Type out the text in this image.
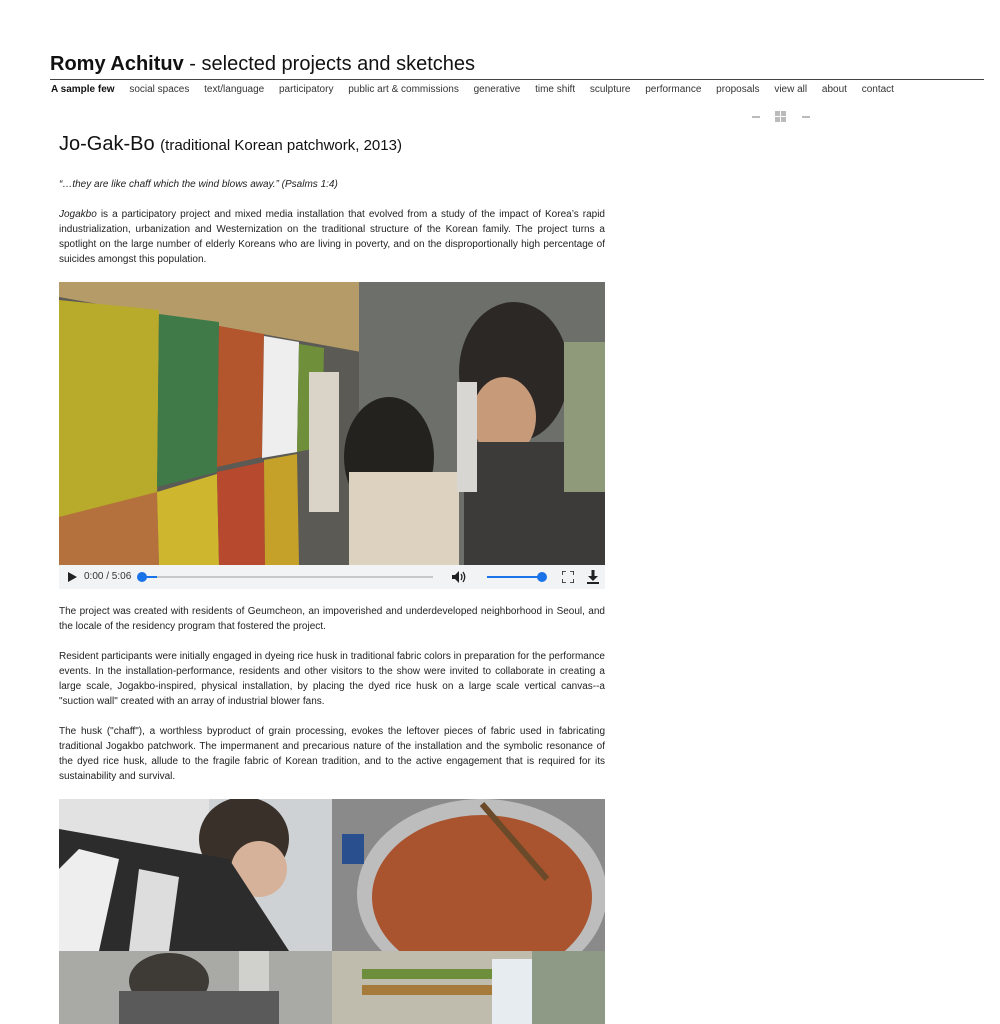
Romy Achituv - selected projects and sketches
A sample few social spaces text/language participatory public art & commissions generative time shift sculpture performance proposals view all about contact
Jo-Gak-Bo (traditional Korean patchwork, 2013)

“…they are like chaff which the wind blows away.” (Psalms 1:4)

Jogakbo is a participatory project and mixed media installation that evolved from a study of the impact of Korea’s rapid industrialization, urbanization and Westernization on the traditional structure of the Korean family. The project turns a spotlight on the large number of elderly Koreans who are living in poverty, and on the disproportionally high percentage of suicides amongst this population.

0:00 / 5:06

The project was created with residents of Geumcheon, an impoverished and underdeveloped neighborhood in Seoul, and the locale of the residency program that fostered the project.

Resident participants were initially engaged in dyeing rice husk in traditional fabric colors in preparation for the performance events. In the installation-performance, residents and other visitors to the show were invited to collaborate in creating a large scale, Jogakbo-inspired, physical installation, by placing the dyed rice husk on a large scale vertical canvas--a "suction wall" created with an array of industrial blower fans.

The husk ("chaff"), a worthless byproduct of grain processing, evokes the leftover pieces of fabric used in fabricating traditional Jogakbo patchwork. The impermanent and precarious nature of the installation and the symbolic resonance of the dyed rice husk, allude to the fragile fabric of Korean tradition, and to the active engagement that is required for its sustainability and survival.
